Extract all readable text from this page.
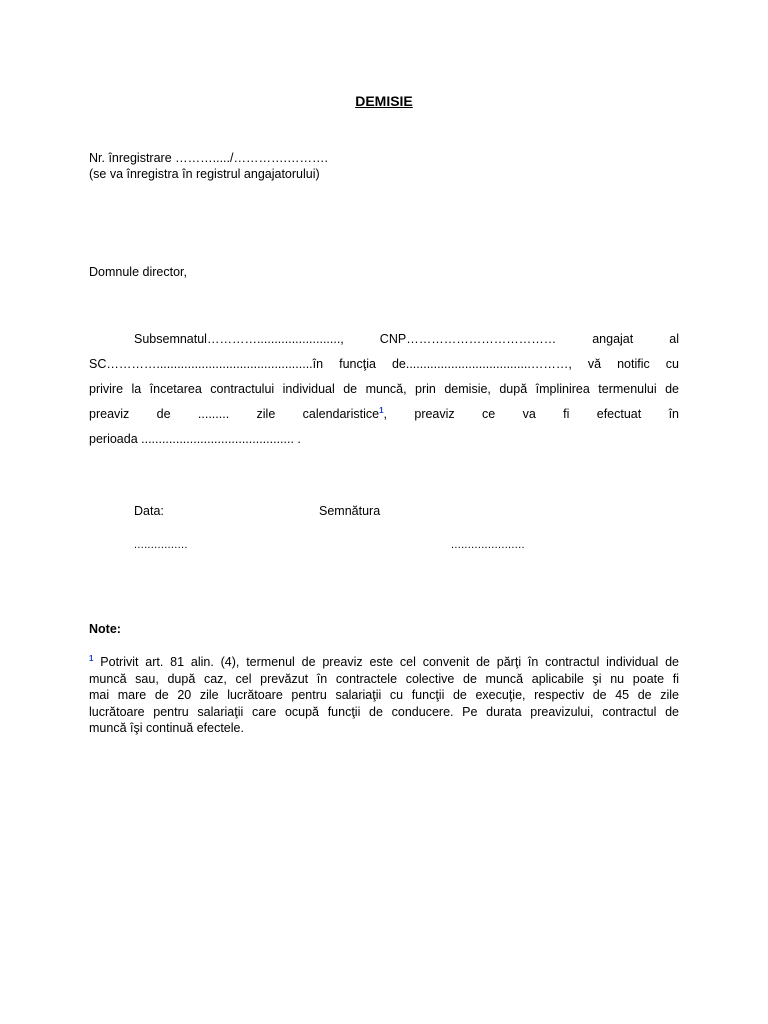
DEMISIE
Nr. înregistrare ………...../………….……….
(se va înregistra în registrul angajatorului)
Domnule director,
Subsemnatul…………........................, CNP……………………………… angajat al
SC………….............................................în funcţia de....................................………, vă notific cu
privire la încetarea contractului individual de muncă, prin demisie, după împlinirea termenului de
preaviz de ......... zile calendaristice$^1$, preaviz ce va fi efectuat în
perioada ............................................ .
Data:	Semnătura
................	......................
Note:
$^1$ Potrivit art. 81 alin. (4), termenul de preaviz este cel convenit de părţi în contractul individual de
muncă sau, după caz, cel prevăzut în contractele colective de muncă aplicabile şi nu poate fi
mai mare de 20 zile lucrătoare pentru salariaţii cu funcţii de execuţie, respectiv de 45 de zile
lucrătoare pentru salariaţii care ocupă funcţii de conducere. Pe durata preavizului, contractul de
muncă îşi continuă efectele.
